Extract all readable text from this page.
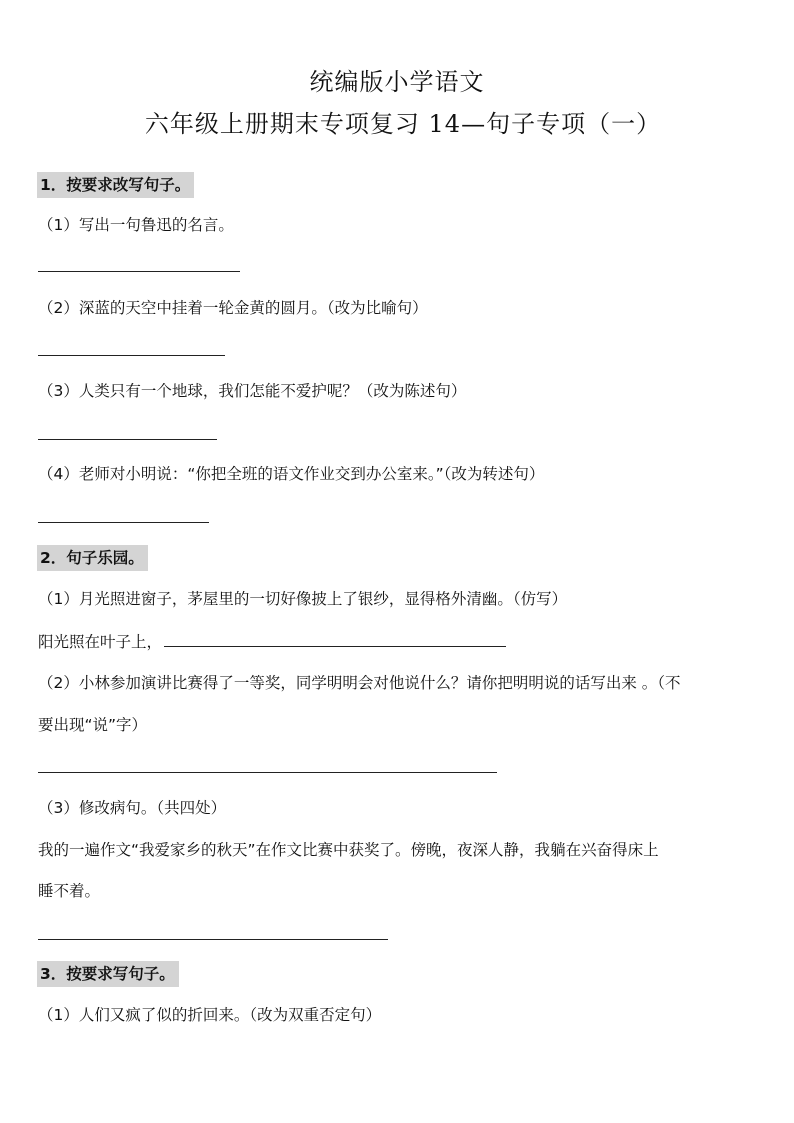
统编版小学语文
六年级上册期末专项复习 14—句子专项（一）
1．按要求改写句子。
（1）写出一句鲁迅的名言。
（2）深蓝的天空中挂着一轮金黄的圆月。（改为比喻句）
（3）人类只有一个地球，我们怎能不爱护呢？（改为陈述句）
（4）老师对小明说：“你把全班的语文作业交到办公室来。”（改为转述句）
2．句子乐园。
（1）月光照进窗子，茅屋里的一切好像披上了银纱，显得格外清幽。（仿写）
阳光照在叶子上，
（2）小林参加演讲比赛得了一等奖，同学明明会对他说什么？请你把明明说的话写出来 。（不
要出现“说”字）
（3）修改病句。（共四处）
我的一遍作文“我爱家乡的秋天”在作文比赛中获奖了。傍晚，夜深人静，我躺在兴奋得床上
睡不着。
3．按要求写句子。
（1）人们又疯了似的折回来。（改为双重否定句）
